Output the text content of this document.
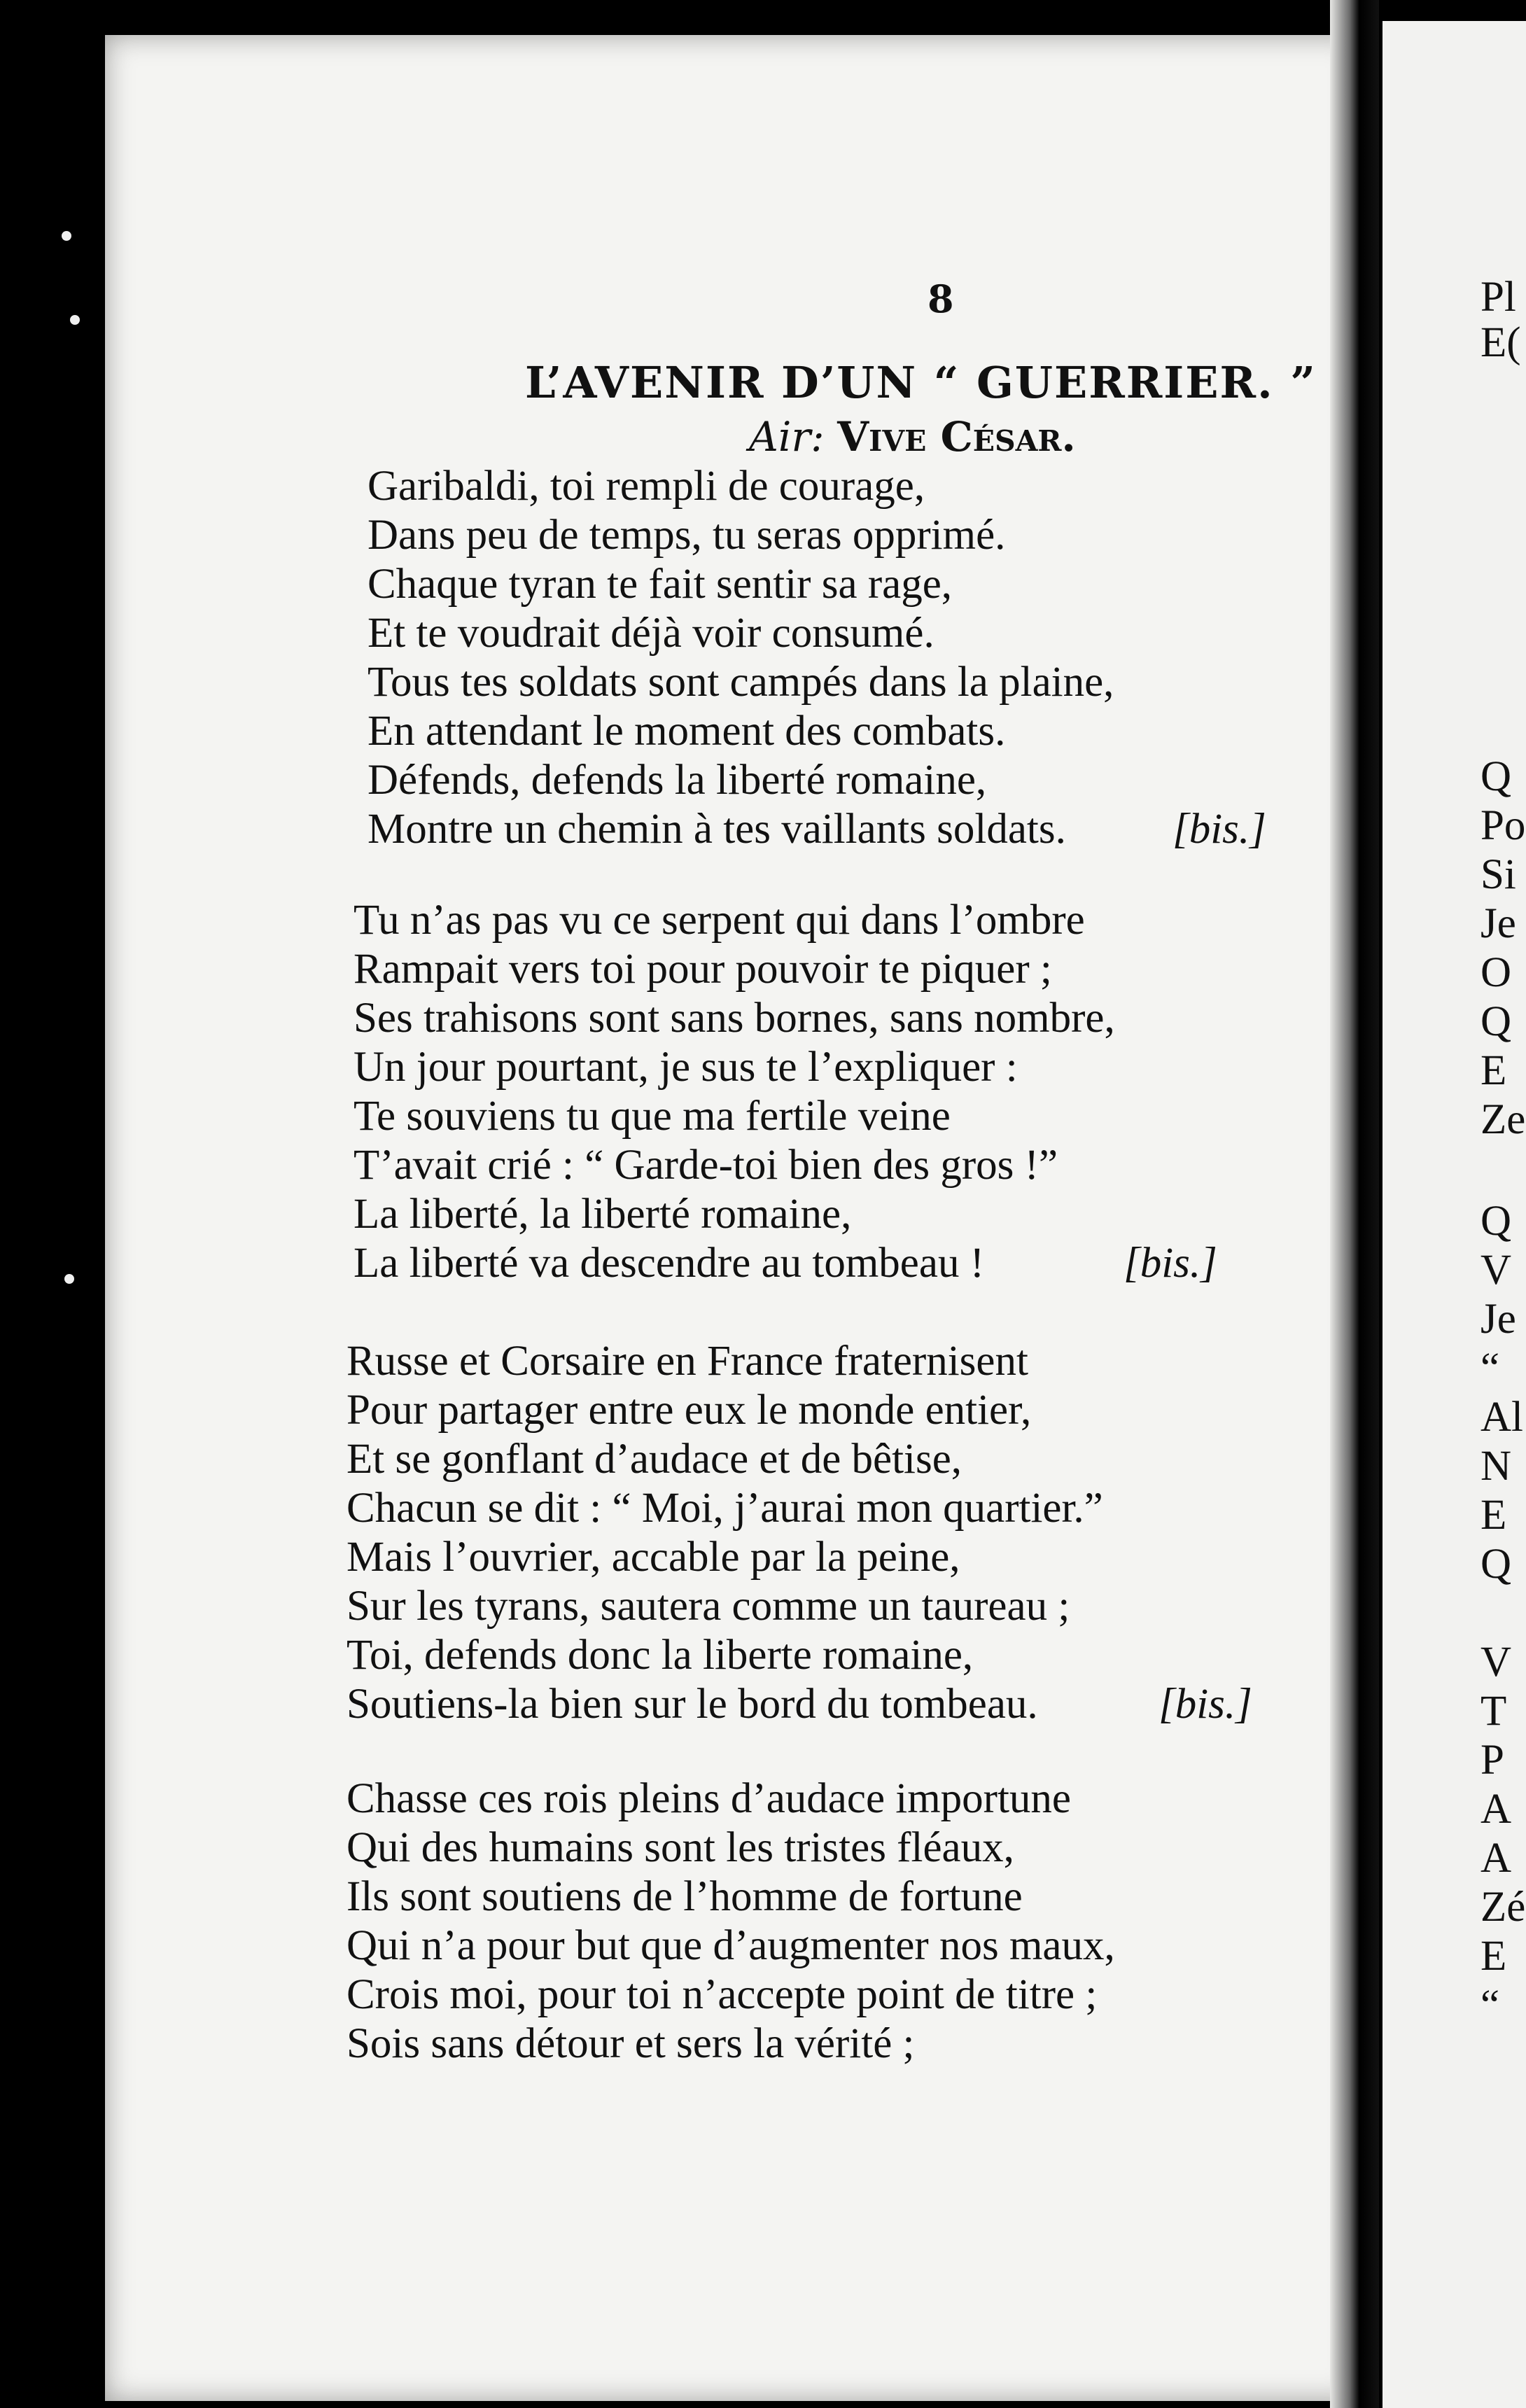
8
L’AVENIR D’UN “ GUERRIER. ”
Air: Vive César.
Garibaldi, toi rempli de courage,
Dans peu de temps, tu seras opprimé.
Chaque tyran te fait sentir sa rage,
Et te voudrait déjà voir consumé.
Tous tes soldats sont campés dans la plaine,
En attendant le moment des combats.
Défends, defends la liberté romaine,
Montre un chemin à tes vaillants soldats. [bis.]
Tu n’as pas vu ce serpent qui dans l’ombre
Rampait vers toi pour pouvoir te piquer ;
Ses trahisons sont sans bornes, sans nombre,
Un jour pourtant, je sus te l’expliquer :
Te souviens tu que ma fertile veine
T’avait crié : “ Garde-toi bien des gros !”
La liberté, la liberté romaine,
La liberté va descendre au tombeau !	[bis.]
Russe et Corsaire en France fraternisent
Pour partager entre eux le monde entier,
Et se gonflant d’audace et de bêtise,
Chacun se dit : “ Moi, j’aurai mon quartier.”
Mais l’ouvrier, accable par la peine,
Sur les tyrans, sautera comme un taureau ;
Toi, defends donc la liberte romaine,
Soutiens-la bien sur le bord du tombeau.	[bis.]
Chasse ces rois pleins d’audace importune
Qui des humains sont les tristes fléaux,
Ils sont soutiens de l’homme de fortune
Qui n’a pour but que d’augmenter nos maux,
Crois moi, pour toi n’accepte point de titre ;
Sois sans détour et sers la vérité ;
Pl
E(
Q
Po
Si
Je
O
Q
E
Ze
Q
V
Je
“
Al
N
E
Q
V
T
P
A
A
Zé
E
“
